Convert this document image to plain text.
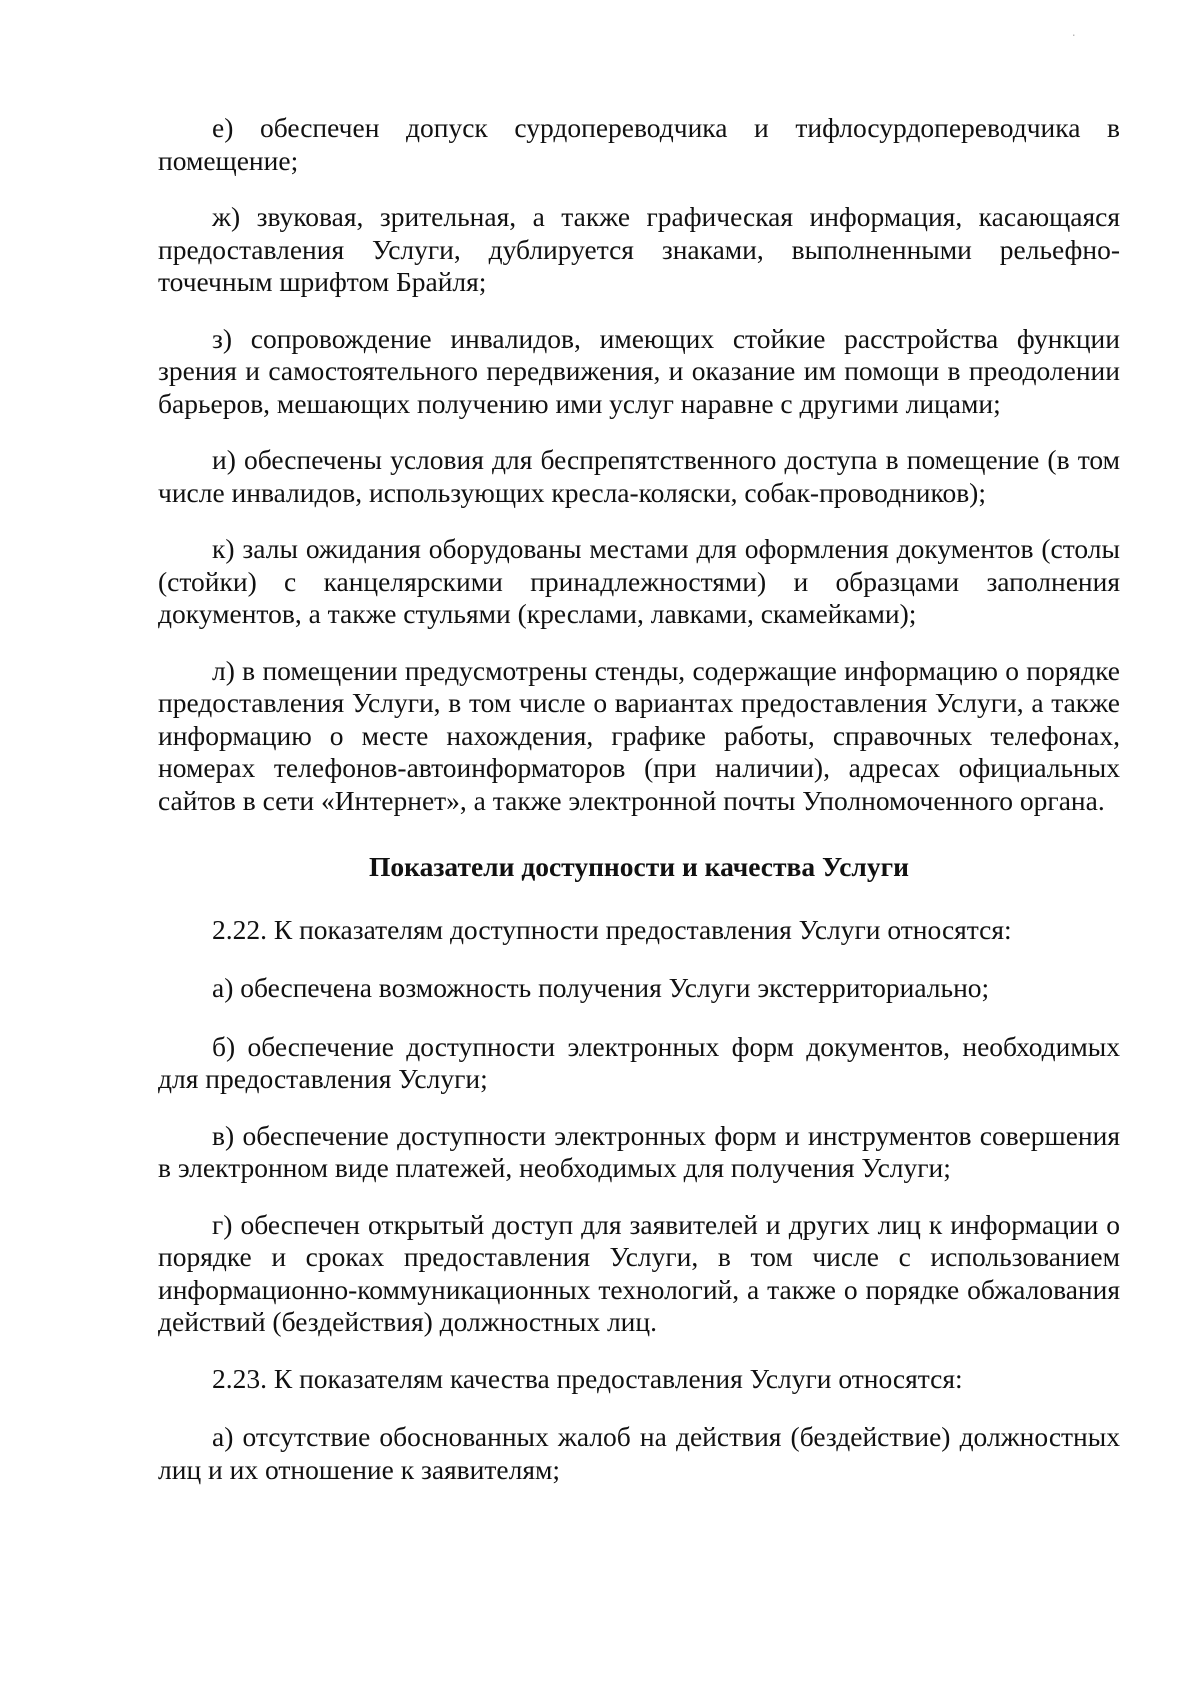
·

е) обеспечен допуск сурдопереводчика и тифлосурдопереводчика в помещение;

ж) звуковая, зрительная, а также графическая информация, касающаяся предоставления Услуги, дублируется знаками, выполненными рельефно-точечным шрифтом Брайля;

з) сопровождение инвалидов, имеющих стойкие расстройства функции зрения и самостоятельного передвижения, и оказание им помощи в преодолении барьеров, мешающих получению ими услуг наравне с другими лицами;

и) обеспечены условия для беспрепятственного доступа в помещение (в том числе инвалидов, использующих кресла-коляски, собак-проводников);

к) залы ожидания оборудованы местами для оформления документов (столы (стойки) с канцелярскими принадлежностями) и образцами заполнения документов, а также стульями (креслами, лавками, скамейками);

л) в помещении предусмотрены стенды, содержащие информацию о порядке предоставления Услуги, в том числе о вариантах предоставления Услуги, а также информацию о месте нахождения, графике работы, справочных телефонах, номерах телефонов-автоинформаторов (при наличии), адресах официальных сайтов в сети «Интернет», а также электронной почты Уполномоченного органа.

Показатели доступности и качества Услуги

2.22. К показателям доступности предоставления Услуги относятся:

а) обеспечена возможность получения Услуги экстерриториально;

б) обеспечение доступности электронных форм документов, необходимых для предоставления Услуги;

в) обеспечение доступности электронных форм и инструментов совершения в электронном виде платежей, необходимых для получения Услуги;

г) обеспечен открытый доступ для заявителей и других лиц к информации о порядке и сроках предоставления Услуги, в том числе с использованием информационно-коммуникационных технологий, а также о порядке обжалования действий (бездействия) должностных лиц.

2.23. К показателям качества предоставления Услуги относятся:

а) отсутствие обоснованных жалоб на действия (бездействие) должностных лиц и их отношение к заявителям;
